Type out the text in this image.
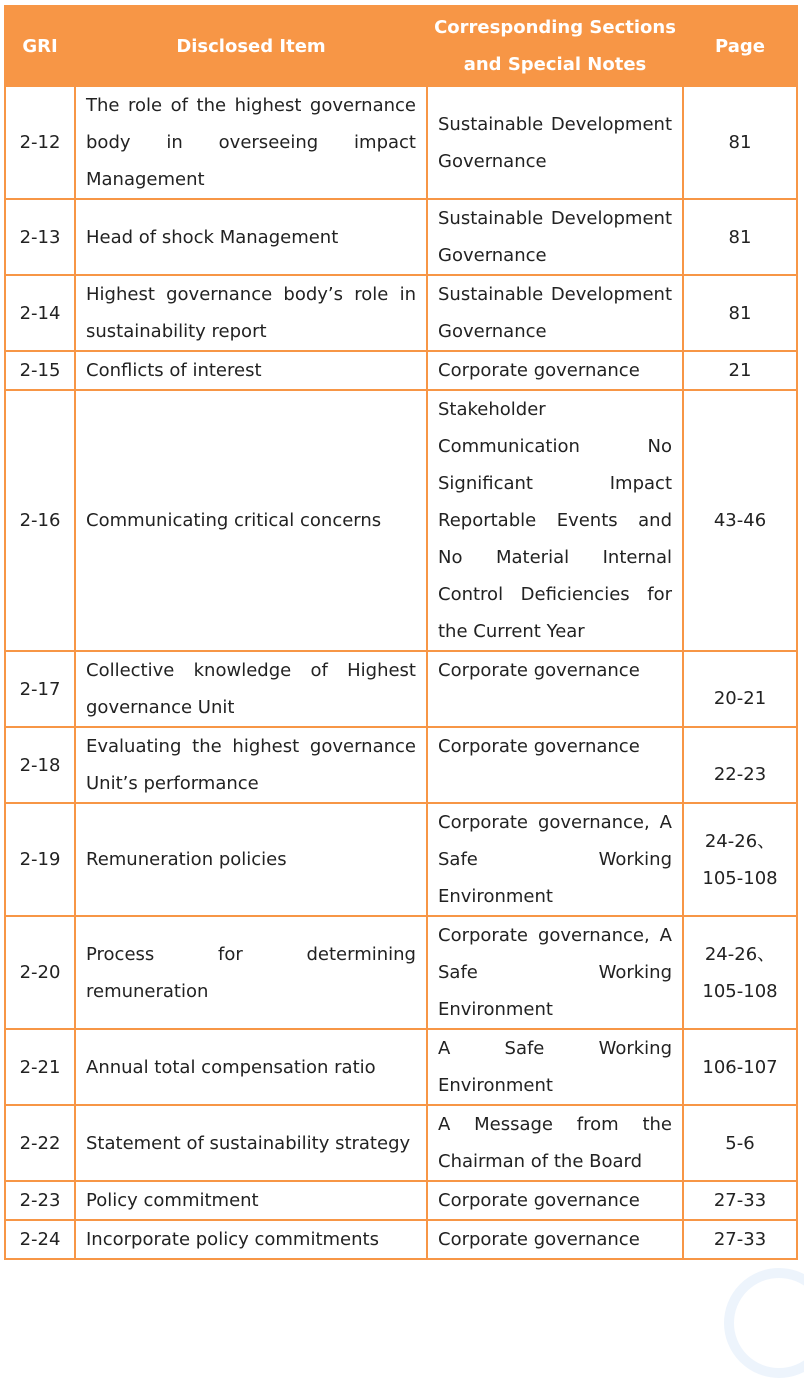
GRI	Disclosed Item	Corresponding Sections and Special Notes	Page
2-12	The role of the highest governance body in overseeing impact Management	Sustainable Development Governance	81
2-13	Head of shock Management	Sustainable Development Governance	81
2-14	Highest governance body’s role in sustainability report	Sustainable Development Governance	81
2-15	Conflicts of interest	Corporate governance	21
2-16	Communicating critical concerns	Stakeholder Communication No Significant Impact Reportable Events and No Material Internal Control Deficiencies for the Current Year	43-46
2-17	Collective knowledge of Highest governance Unit	Corporate governance	20-21
2-18	Evaluating the highest governance Unit’s performance	Corporate governance	22-23
2-19	Remuneration policies	Corporate governance, A Safe Working Environment	24-26、105-108
2-20	Process for determining remuneration	Corporate governance, A Safe Working Environment	24-26、105-108
2-21	Annual total compensation ratio	A Safe Working Environment	106-107
2-22	Statement of sustainability strategy	A Message from the Chairman of the Board	5-6
2-23	Policy commitment	Corporate governance	27-33
2-24	Incorporate policy commitments	Corporate governance	27-33
